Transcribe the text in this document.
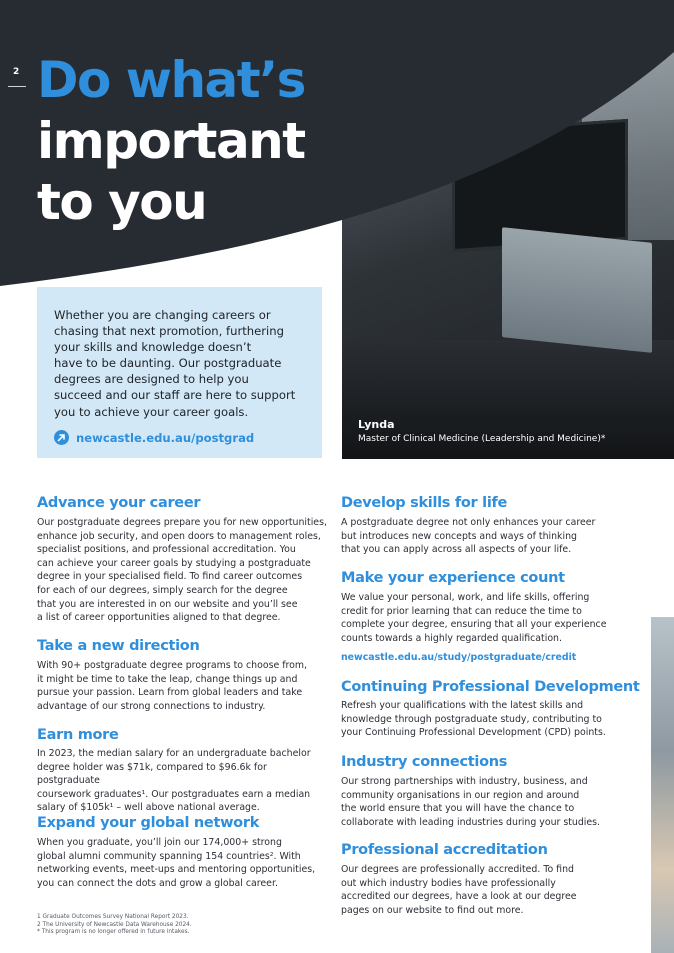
2 Do what’s
important
to you
Lynda
Master of Clinical Medicine (Leadership and Medicine)*
Whether you are changing careers or
chasing that next promotion, furthering
your skills and knowledge doesn’t
have to be daunting. Our postgraduate
degrees are designed to help you
succeed and our staff are here to support
you to achieve your career goals.
newcastle.edu.au/postgrad
Advance your career
Our postgraduate degrees prepare you for new opportunities,
enhance job security, and open doors to management roles,
specialist positions, and professional accreditation. You
can achieve your career goals by studying a postgraduate
degree in your specialised field. To find career outcomes
for each of our degrees, simply search for the degree
that you are interested in on our website and you’ll see
a list of career opportunities aligned to that degree.
Take a new direction
With 90+ postgraduate degree programs to choose from,
it might be time to take the leap, change things up and
pursue your passion. Learn from global leaders and take
advantage of our strong connections to industry.
Earn more
In 2023, the median salary for an undergraduate bachelor
degree holder was $71k, compared to $96.6k for postgraduate
coursework graduates¹. Our postgraduates earn a median
salary of $105k¹ – well above national average.
Expand your global network
When you graduate, you’ll join our 174,000+ strong
global alumni community spanning 154 countries². With
networking events, meet-ups and mentoring opportunities,
you can connect the dots and grow a global career.
Develop skills for life
A postgraduate degree not only enhances your career
but introduces new concepts and ways of thinking
that you can apply across all aspects of your life.
Make your experience count
We value your personal, work, and life skills, offering
credit for prior learning that can reduce the time to
complete your degree, ensuring that all your experience
counts towards a highly regarded qualification.
newcastle.edu.au/study/postgraduate/credit
Continuing Professional Development
Refresh your qualifications with the latest skills and
knowledge through postgraduate study, contributing to
your Continuing Professional Development (CPD) points.
Industry connections
Our strong partnerships with industry, business, and
community organisations in our region and around
the world ensure that you will have the chance to
collaborate with leading industries during your studies.
Professional accreditation
Our degrees are professionally accredited. To find
out which industry bodies have professionally
accredited our degrees, have a look at our degree
pages on our website to find out more.
1 Graduate Outcomes Survey National Report 2023.
2 The University of Newcastle Data Warehouse 2024.
* This program is no longer offered in future intakes.
